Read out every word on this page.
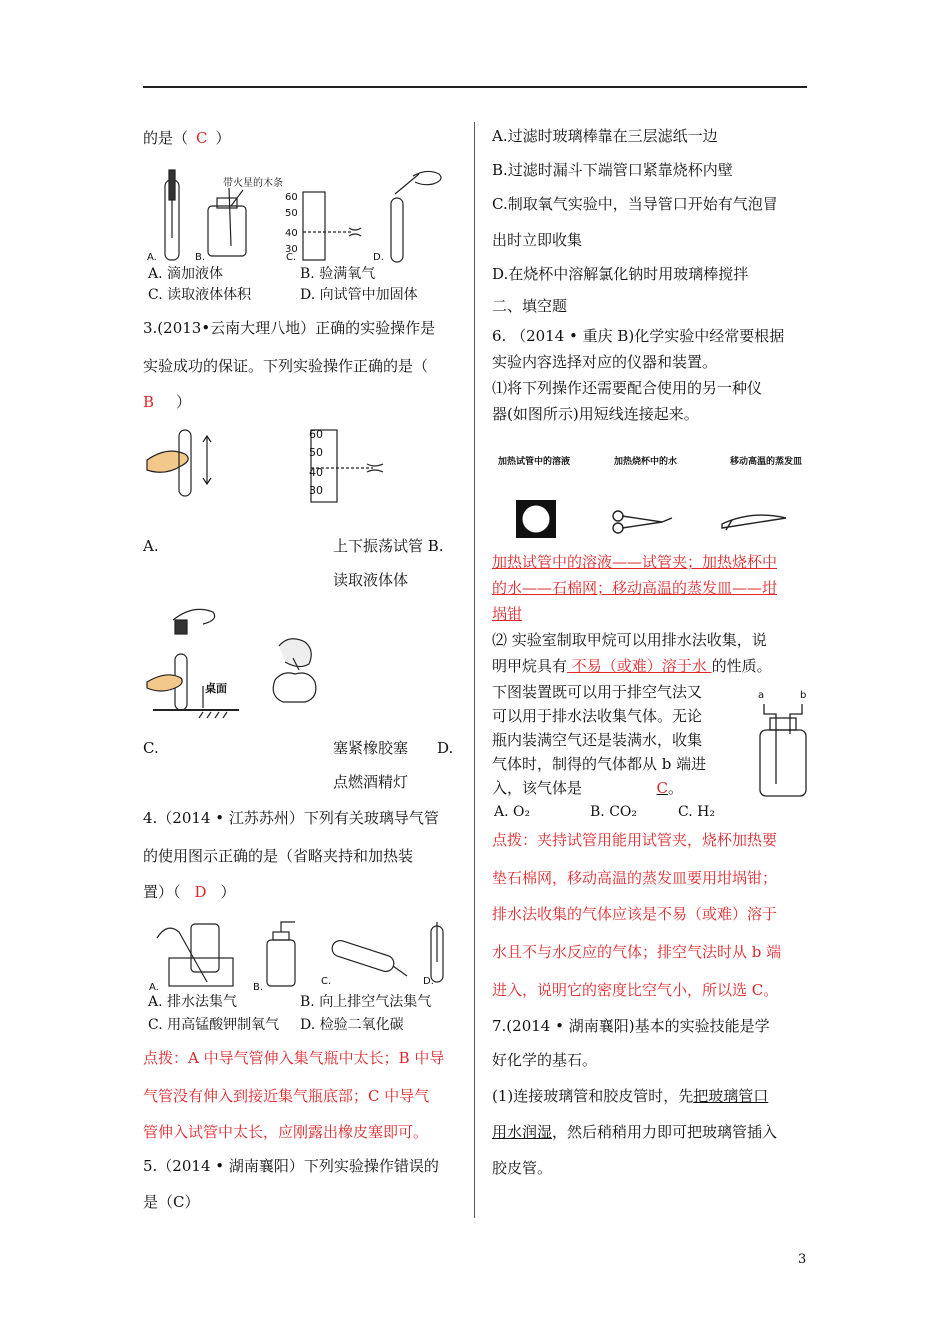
的是（ C ）
带火星的木条
60
50
40
30
A.	B.	C.	D.
A. 滴加液体	B. 验满氧气
C. 读取液体体积	D. 向试管中加固体
3.(2013•云南大理八地）正确的实验操作是
实验成功的保证。下列实验操作正确的是（
B ）
60
50
40
30
A.	上下振荡试管 B.
读取液体体
桌面
C.	塞紧橡胶塞 D.
点燃酒精灯
4.（2014 • 江苏苏州）下列有关玻璃导气管
的使用图示正确的是（省略夹持和加热装
置）（ D ）
A.	B.
C.	D.
A. 排水法集气	B. 向上排空气法集气
C. 用高锰酸钾制氧气 D. 检验二氧化碳
点拨：A 中导气管伸入集气瓶中太长；B 中导
气管没有伸入到接近集气瓶底部；C 中导气
管伸入试管中太长，应刚露出橡皮塞即可。
5.（2014 • 湖南襄阳）下列实验操作错误的
是（C）
A.过滤时玻璃棒靠在三层滤纸一边
B.过滤时漏斗下端管口紧靠烧杯内壁
C.制取氧气实验中，当导管口开始有气泡冒
出时立即收集
D.在烧杯中溶解氯化钠时用玻璃棒搅拌
二、填空题
6. （2014 • 重庆 B)化学实验中经常要根据
实验内容选择对应的仪器和装置。
⑴将下列操作还需要配合使用的另一种仪
器(如图所示)用短线连接起来。
加热试管中的溶液	加热烧杯中的水	移动高温的蒸发皿
加热试管中的溶液——试管夹；加热烧杯中
的水——石棉网；移动高温的蒸发皿——坩
埚钳
⑵ 实验室制取甲烷可以用排水法收集，说
明甲烷具有 不易（或难）溶于水 的性质。
下图装置既可以用于排空气法又
可以用于排水法收集气体。无论
瓶内装满空气还是装满水，收集
气体时，制得的气体都从 b 端进
入，该气体是	C。
a	b
A. O₂	B. CO₂	C. H₂
点拨：夹持试管用能用试管夹，烧杯加热要
垫石棉网，移动高温的蒸发皿要用坩埚钳；
排水法收集的气体应该是不易（或难）溶于
水且不与水反应的气体；排空气法时从 b 端
进入，说明它的密度比空气小，所以选 C。
7.(2014 • 湖南襄阳)基本的实验技能是学
好化学的基石。
(1)连接玻璃管和胶皮管时，先把玻璃管口
用水润湿，然后稍稍用力即可把玻璃管插入
胶皮管。
3
